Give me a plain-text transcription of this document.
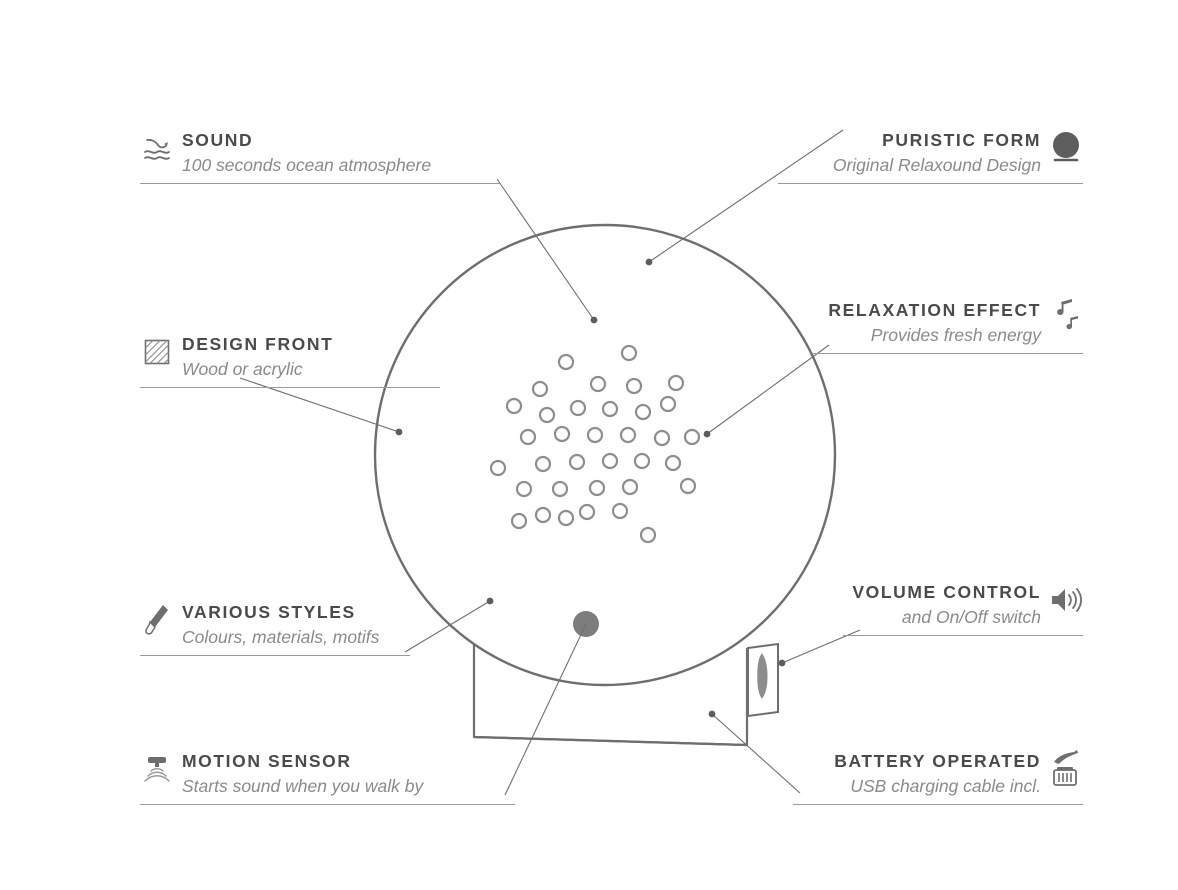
SOUND
100 seconds ocean atmosphere
DESIGN FRONT
Wood or acrylic
VARIOUS STYLES
Colours, materials, motifs
MOTION SENSOR
Starts sound when you walk by
PURISTIC FORM
Original Relaxound Design
RELAXATION EFFECT
Provides fresh energy
VOLUME CONTROL
and On/Off switch
BATTERY OPERATED
USB charging cable incl.
